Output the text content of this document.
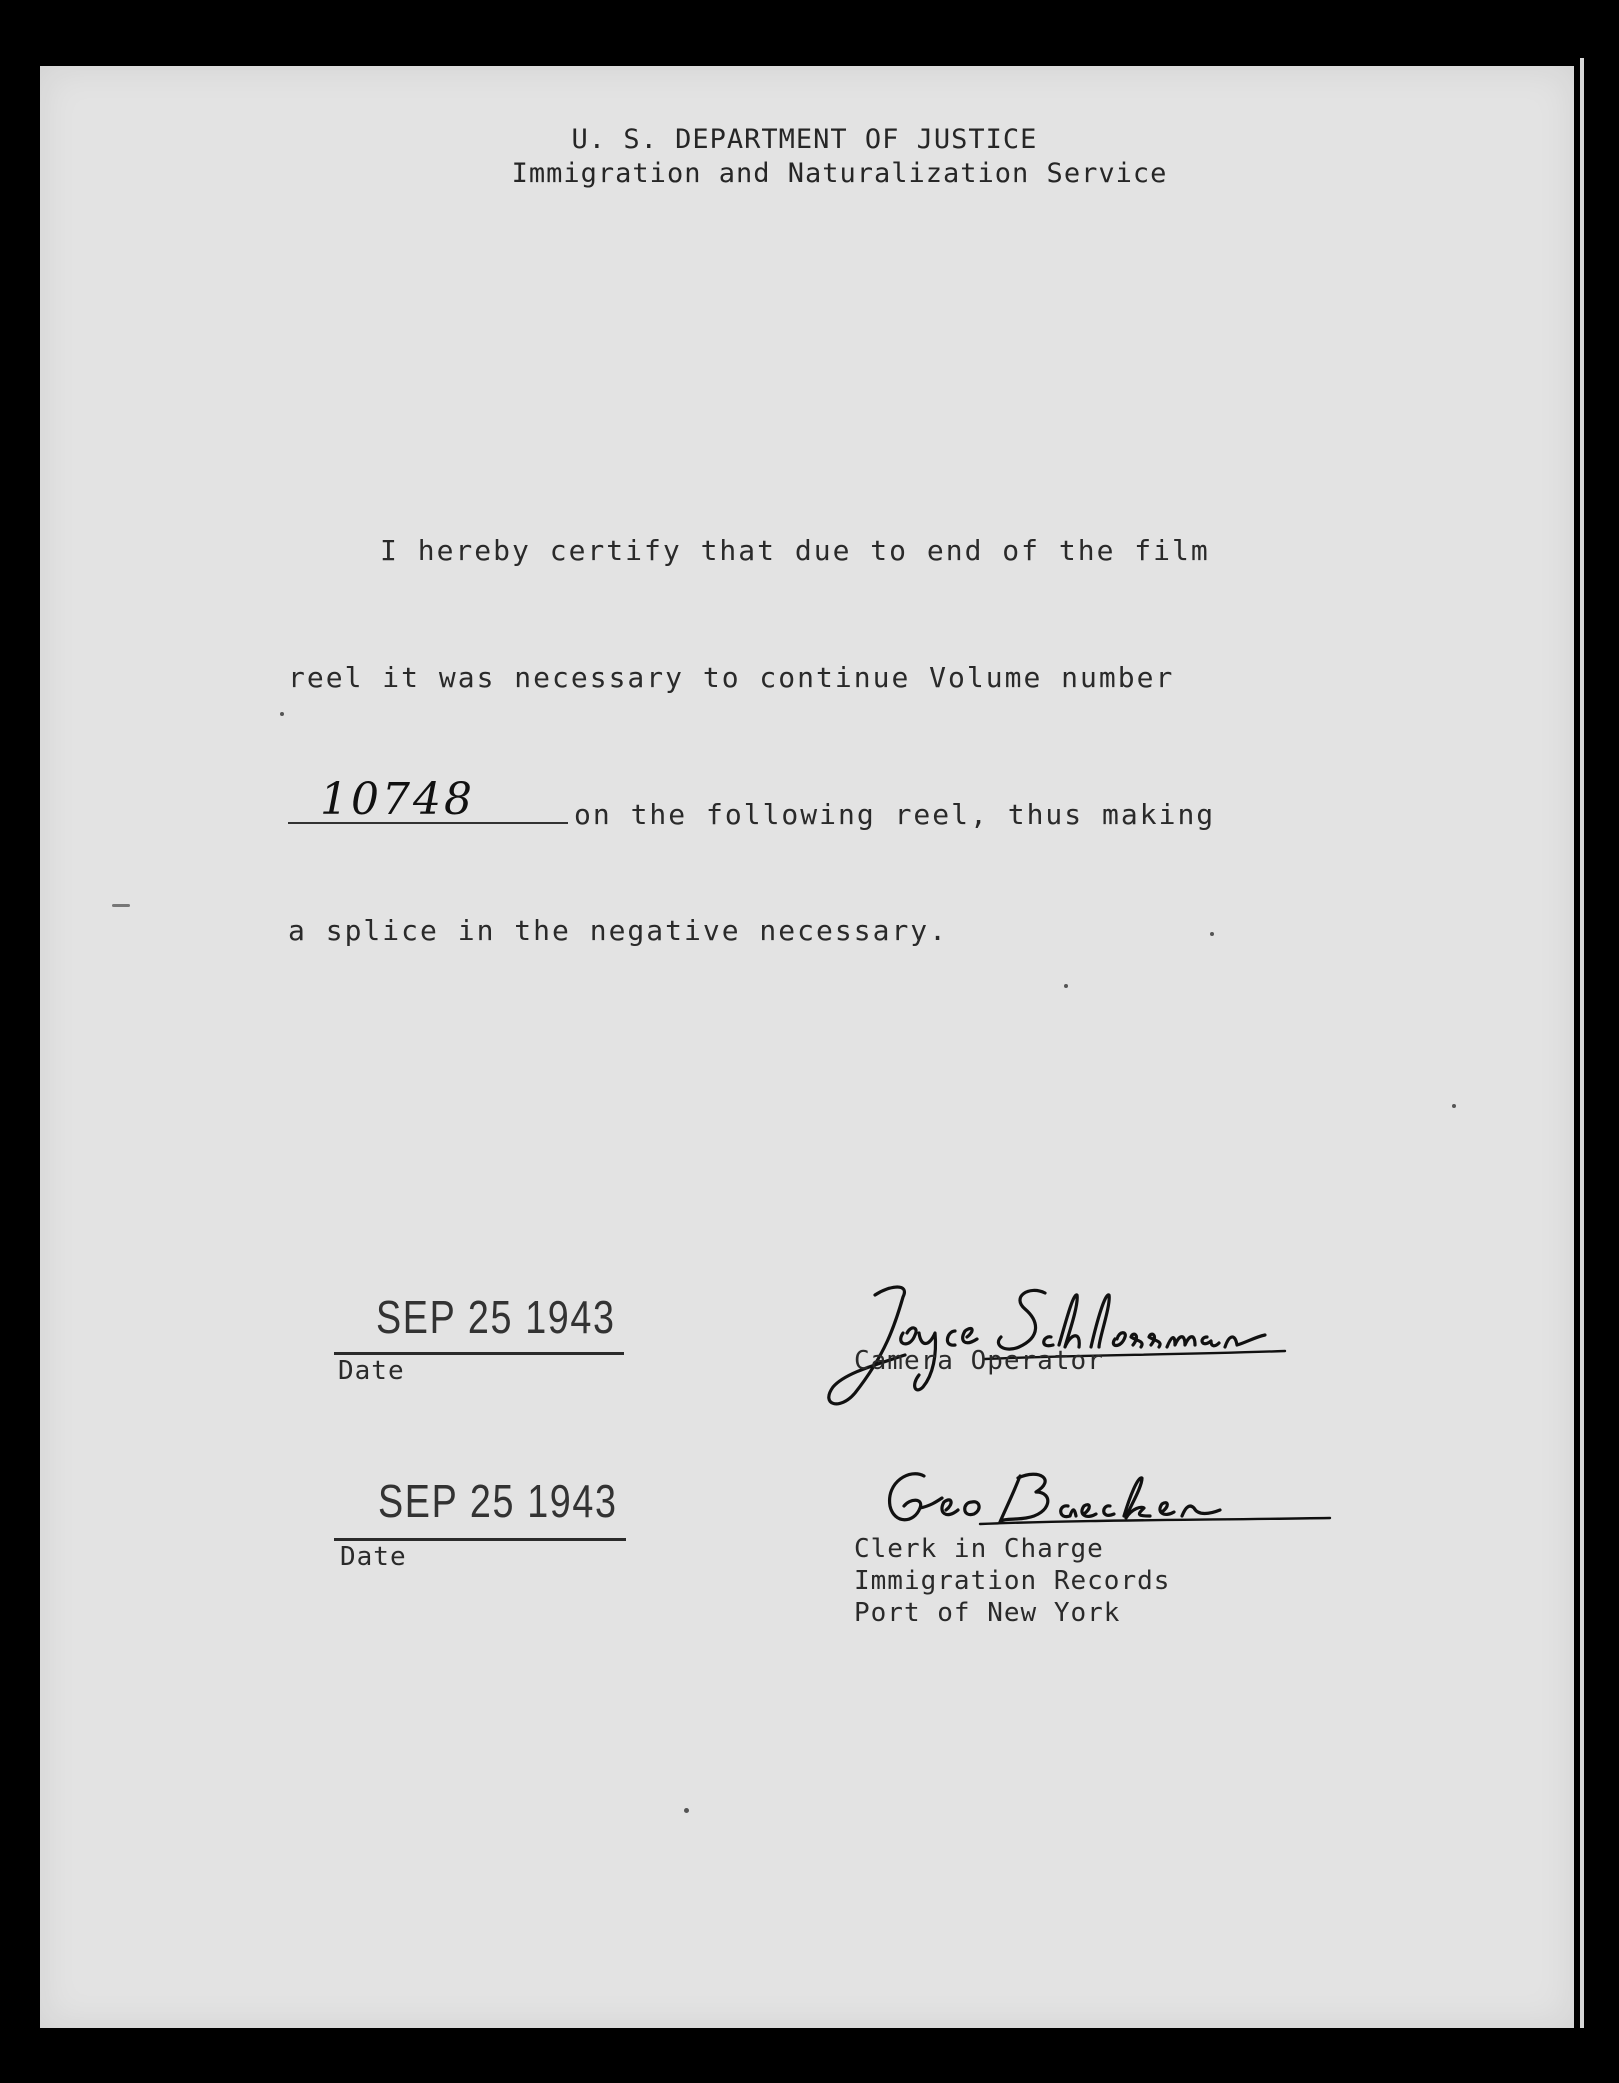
U. S. DEPARTMENT OF JUSTICE
Immigration and Naturalization Service
I hereby certify that due to end of the film
reel it was necessary to continue Volume number
10748	on the following reel, thus making
a splice in the negative necessary.
SEP 25 1943
Date	Camera Operator
SEP 25 1943
Date	Clerk in Charge
Immigration Records
Port of New York
